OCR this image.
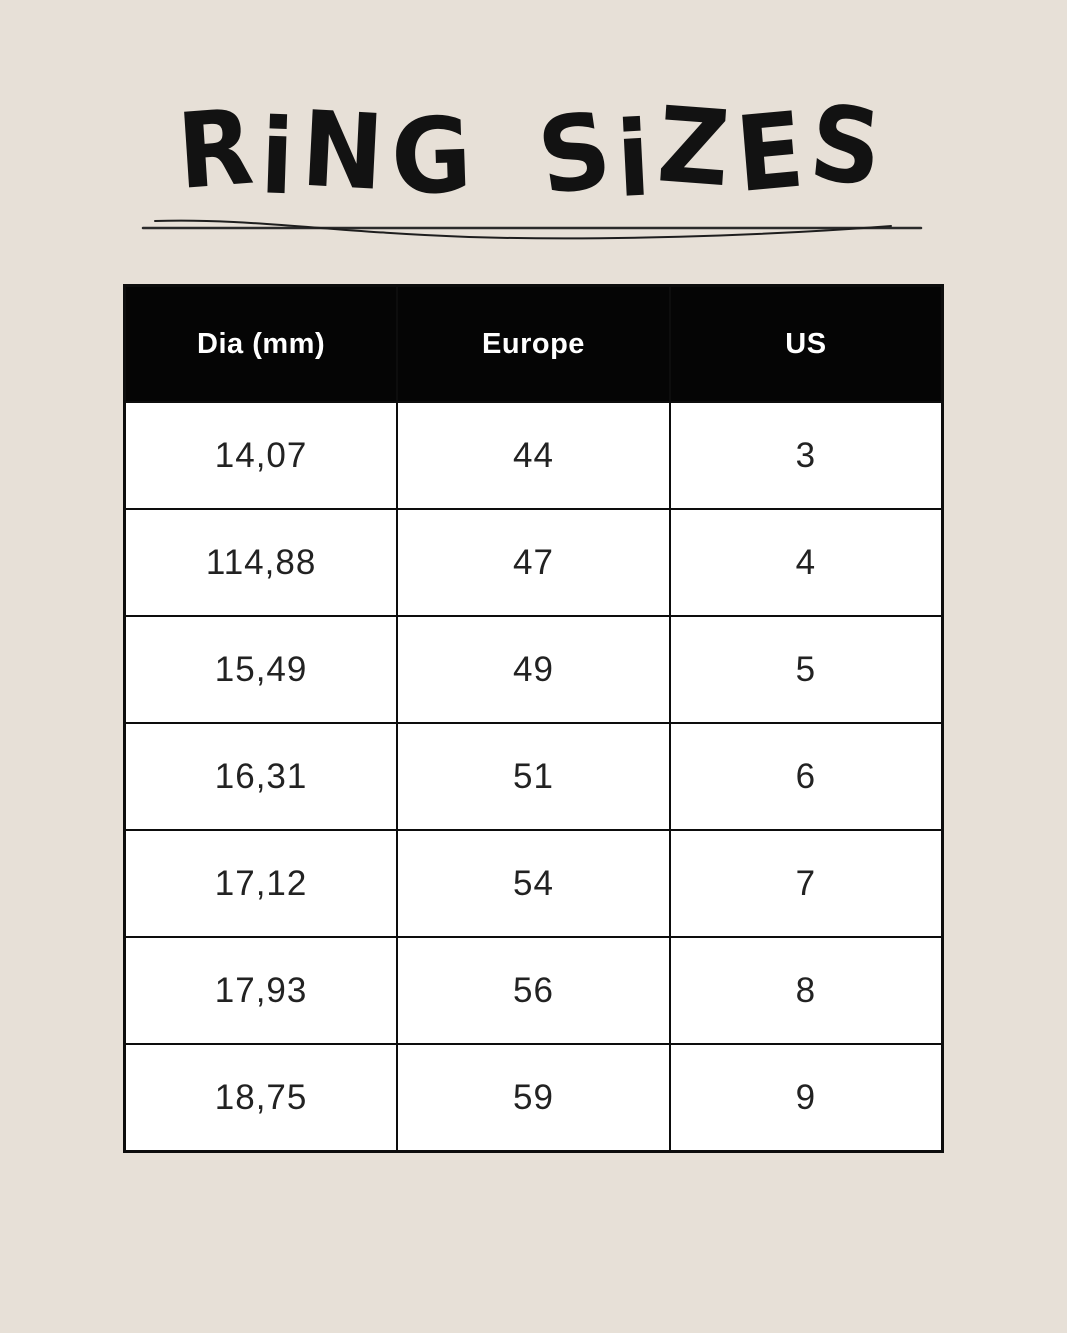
RiNG SiZES
Dia (mm)	Europe	US
14,07	44	3
114,88	47	4
15,49	49	5
16,31	51	6
17,12	54	7
17,93	56	8
18,75	59	9
